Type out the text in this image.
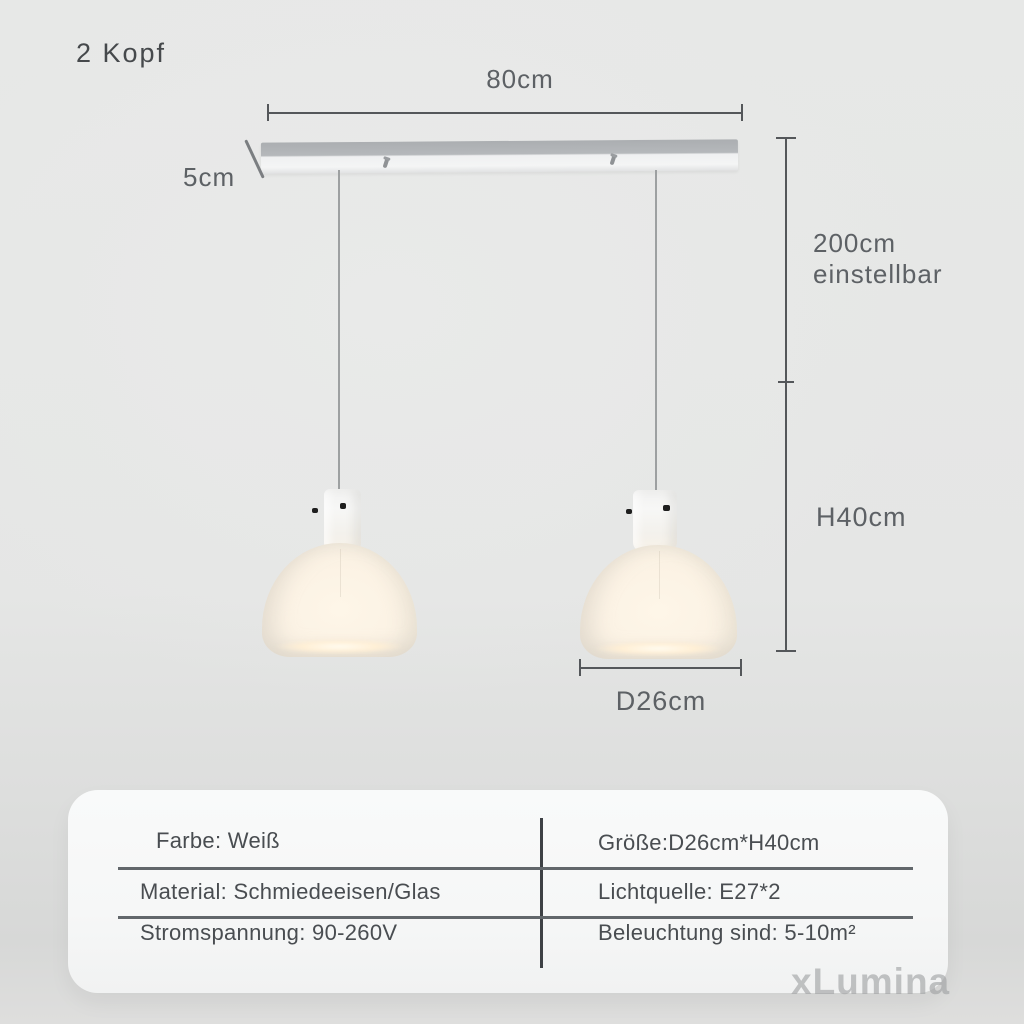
2 Kopf
80cm
5cm
200cm
einstellbar
H40cm
D26cm
Farbe: Weiß	Größe:D26cm*H40cm
Material: Schmiedeeisen/Glas	Lichtquelle: E27*2
Stromspannung: 90-260V	Beleuchtung sind: 5-10m²
xLumina
